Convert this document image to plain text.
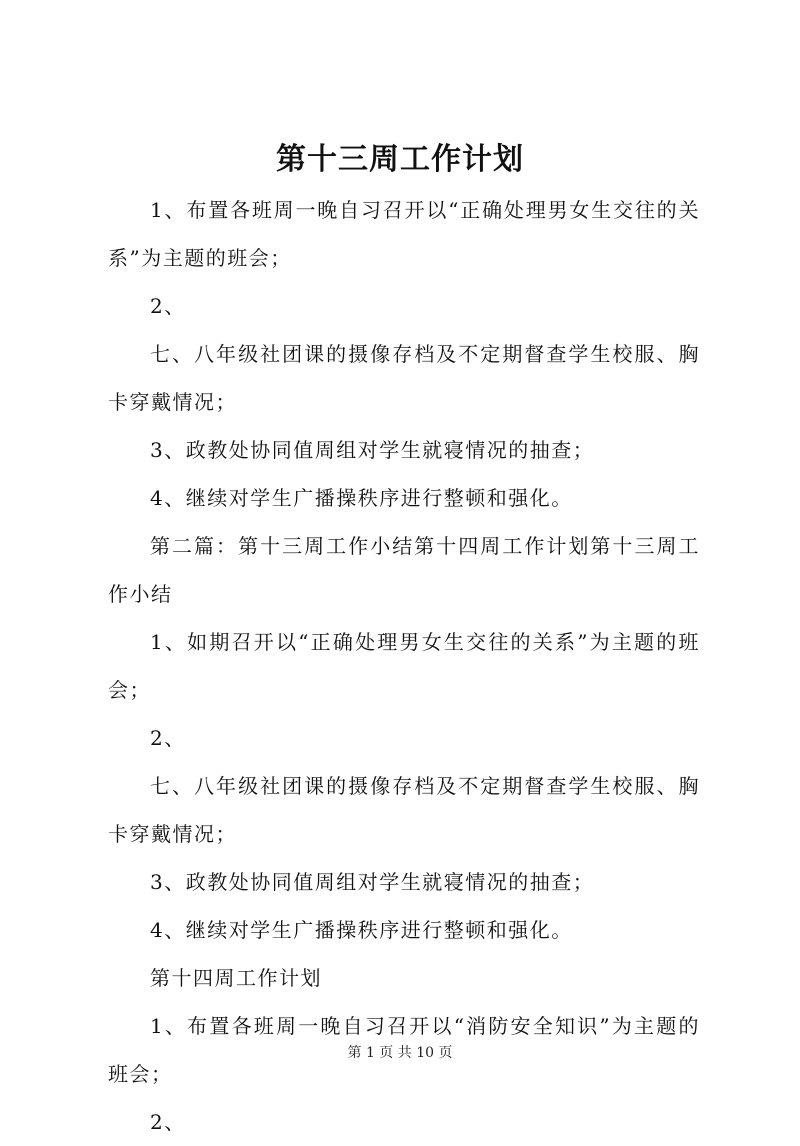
第十三周工作计划

1、布置各班周一晚自习召开以“正确处理男女生交往的关系”为主题的班会；

2、

七、八年级社团课的摄像存档及不定期督查学生校服、胸卡穿戴情况；

3、政教处协同值周组对学生就寝情况的抽查；

4、继续对学生广播操秩序进行整顿和强化。

第二篇：第十三周工作小结第十四周工作计划第十三周工作小结

1、如期召开以“正确处理男女生交往的关系”为主题的班会；

2、

七、八年级社团课的摄像存档及不定期督查学生校服、胸卡穿戴情况；

3、政教处协同值周组对学生就寝情况的抽查；

4、继续对学生广播操秩序进行整顿和强化。

第十四周工作计划

1、布置各班周一晚自习召开以“消防安全知识”为主题的班会；

2、

第 1 页 共 10 页
